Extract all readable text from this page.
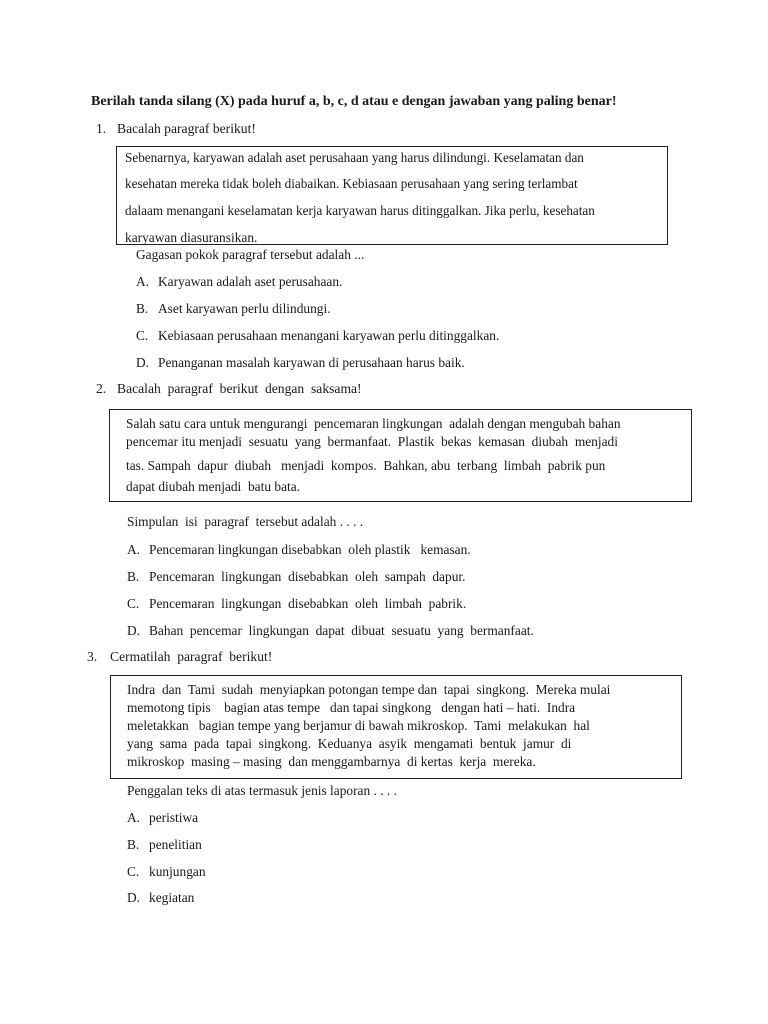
Berilah tanda silang (X) pada huruf a, b, c, d atau e dengan jawaban yang paling benar!
1. Bacalah paragraf berikut!
Sebenarnya, karyawan adalah aset perusahaan yang harus dilindungi. Keselamatan dan
kesehatan mereka tidak boleh diabaikan. Kebiasaan perusahaan yang sering terlambat
dalaam menangani keselamatan kerja karyawan harus ditinggalkan. Jika perlu, kesehatan
karyawan diasuransikan.
Gagasan pokok paragraf tersebut adalah ...
A. Karyawan adalah aset perusahaan.
B. Aset karyawan perlu dilindungi.
C. Kebiasaan perusahaan menangani karyawan perlu ditinggalkan.
D. Penanganan masalah karyawan di perusahaan harus baik.
2. Bacalah  paragraf  berikut  dengan  saksama!
Salah satu cara untuk mengurangi  pencemaran lingkungan  adalah dengan mengubah bahan
pencemar itu menjadi  sesuatu  yang  bermanfaat.  Plastik  bekas  kemasan  diubah  menjadi
tas. Sampah  dapur  diubah   menjadi  kompos.  Bahkan, abu  terbang  limbah  pabrik pun
dapat diubah menjadi  batu bata.
Simpulan  isi  paragraf  tersebut adalah . . . .
A. Pencemaran lingkungan disebabkan  oleh plastik   kemasan.
B. Pencemaran  lingkungan  disebabkan  oleh  sampah  dapur.
C. Pencemaran  lingkungan  disebabkan  oleh  limbah  pabrik.
D. Bahan  pencemar  lingkungan  dapat  dibuat  sesuatu  yang  bermanfaat.
3. Cermatilah  paragraf  berikut!
Indra  dan  Tami  sudah  menyiapkan potongan tempe dan  tapai  singkong.  Mereka mulai
memotong tipis    bagian atas tempe   dan tapai singkong   dengan hati – hati.  Indra
meletakkan   bagian tempe yang berjamur di bawah mikroskop.  Tami  melakukan  hal
yang  sama  pada  tapai  singkong.  Keduanya  asyik  mengamati  bentuk  jamur  di
mikroskop  masing – masing  dan menggambarnya  di kertas  kerja  mereka.
Penggalan teks di atas termasuk jenis laporan . . . .
A. peristiwa
B. penelitian
C. kunjungan
D. kegiatan
